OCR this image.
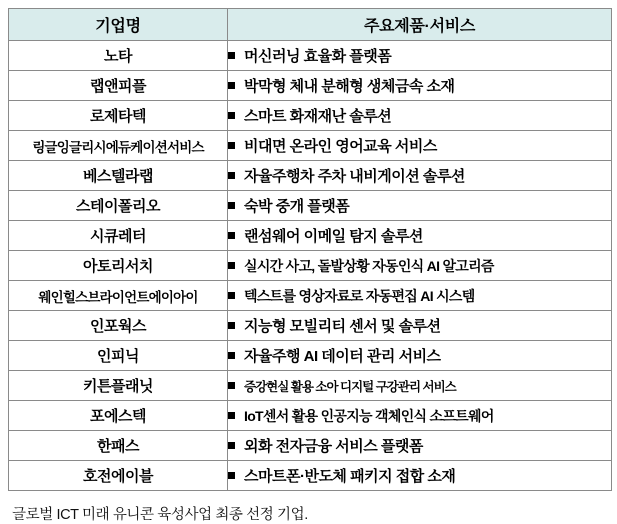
기업명	주요제품·서비스
노타	머신러닝 효율화 플랫폼
랩앤피플	박막형 체내 분해형 생체금속 소재
로제타텍	스마트 화재재난 솔루션
링글잉글리시에듀케이션서비스	비대면 온라인 영어교육 서비스
베스텔라랩	자율주행차 주차 내비게이션 솔루션
스테이폴리오	숙박 중개 플랫폼
시큐레터	랜섬웨어 이메일 탐지 솔루션
아토리서치	실시간 사고, 돌발상황 자동인식 AI 알고리즘
웨인힐스브라이언트에이아이	텍스트를 영상자료로 자동편집 AI 시스템
인포웍스	지능형 모빌리티 센서 및 솔루션
인피닉	자율주행 AI 데이터 관리 서비스
키튼플래닛	증강현실 활용 소아 디지털 구강관리 서비스
포에스텍	IoT센서 활용 인공지능 객체인식 소프트웨어
한패스	외화 전자금융 서비스 플랫폼
호전에이블	스마트폰·반도체 패키지 접합 소재
글로벌 ICT 미래 유니콘 육성사업 최종 선정 기업.
